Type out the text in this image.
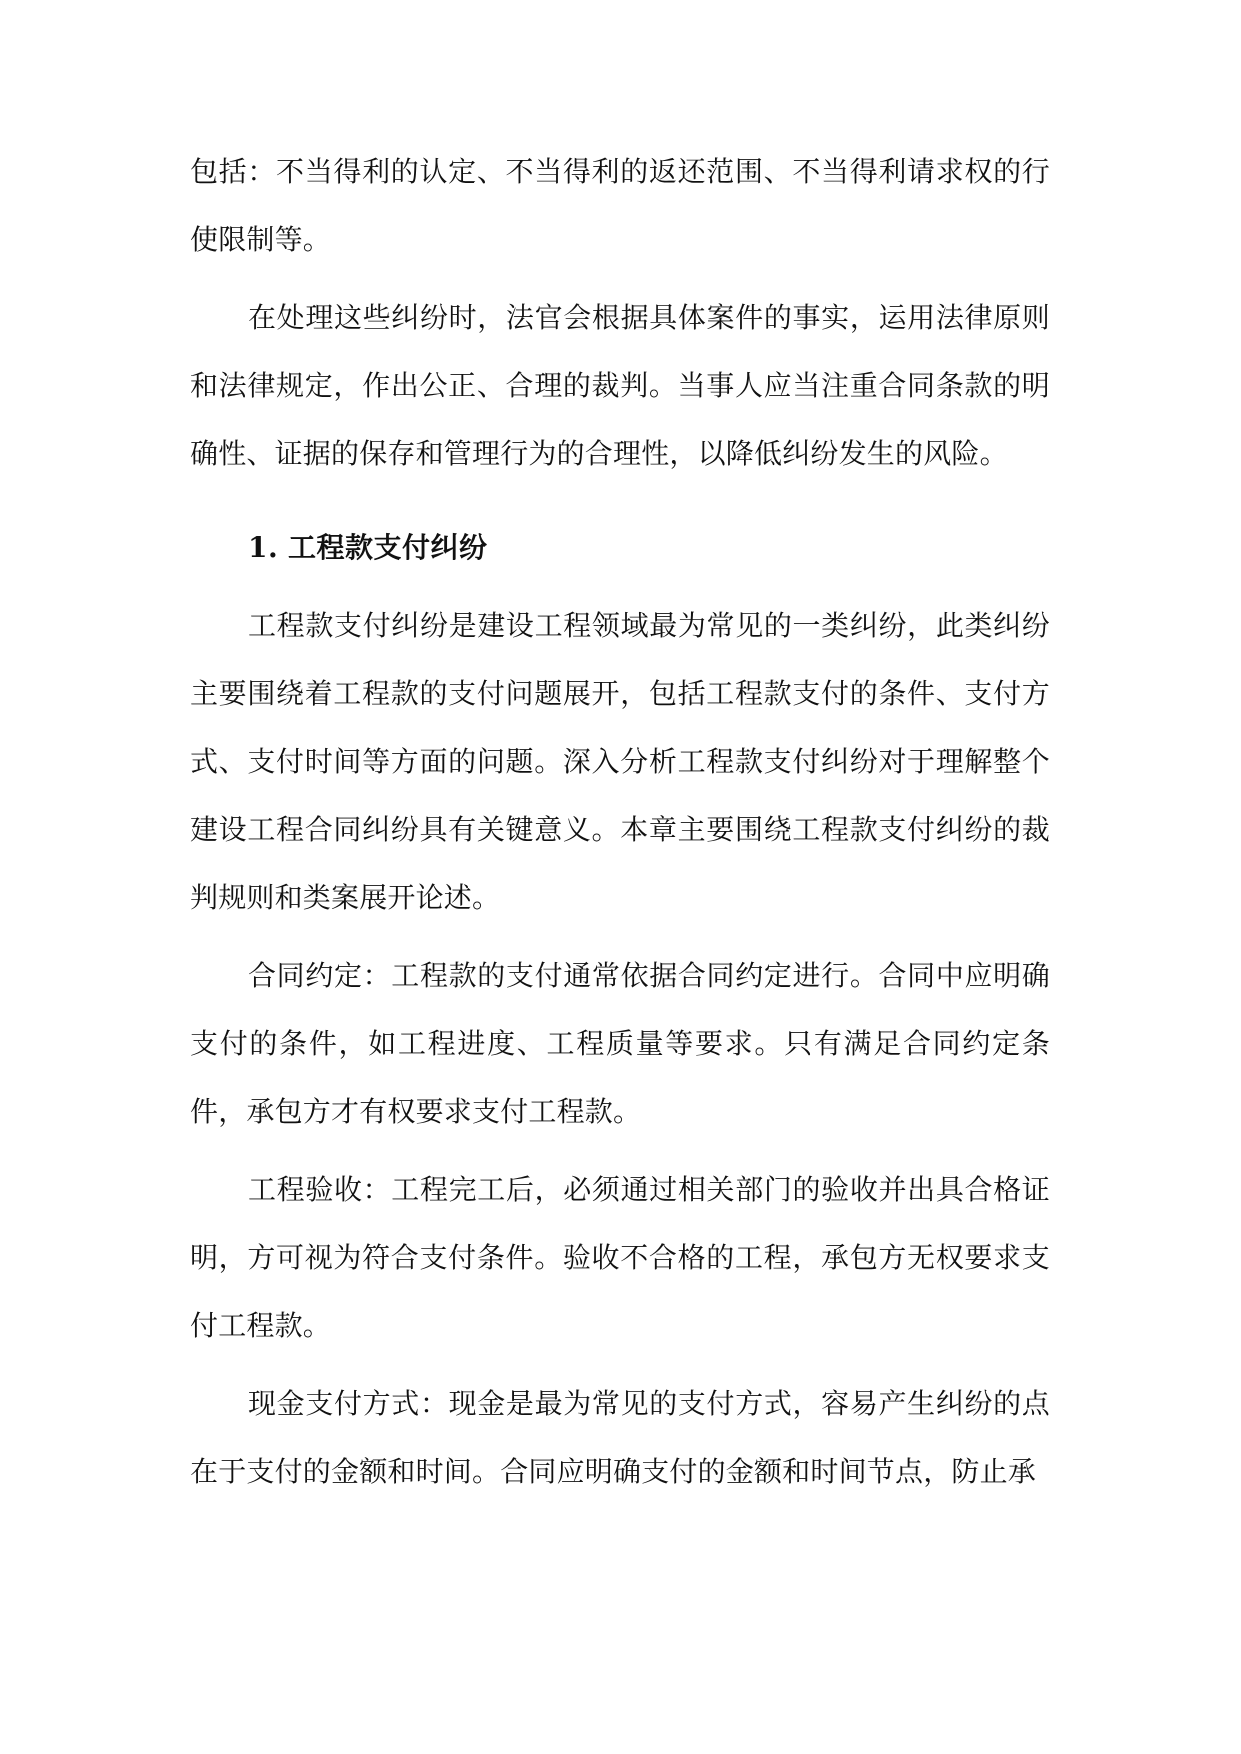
包括：不当得利的认定、不当得利的返还范围、不当得利请求权的行使限制等。

在处理这些纠纷时，法官会根据具体案件的事实，运用法律原则和法律规定，作出公正、合理的裁判。当事人应当注重合同条款的明确性、证据的保存和管理行为的合理性，以降低纠纷发生的风险。

1. 工程款支付纠纷

工程款支付纠纷是建设工程领域最为常见的一类纠纷，此类纠纷主要围绕着工程款的支付问题展开，包括工程款支付的条件、支付方式、支付时间等方面的问题。深入分析工程款支付纠纷对于理解整个建设工程合同纠纷具有关键意义。本章主要围绕工程款支付纠纷的裁判规则和类案展开论述。

合同约定：工程款的支付通常依据合同约定进行。合同中应明确支付的条件，如工程进度、工程质量等要求。只有满足合同约定条件，承包方才有权要求支付工程款。

工程验收：工程完工后，必须通过相关部门的验收并出具合格证明，方可视为符合支付条件。验收不合格的工程，承包方无权要求支付工程款。

现金支付方式：现金是最为常见的支付方式，容易产生纠纷的点在于支付的金额和时间。合同应明确支付的金额和时间节点，防止承
